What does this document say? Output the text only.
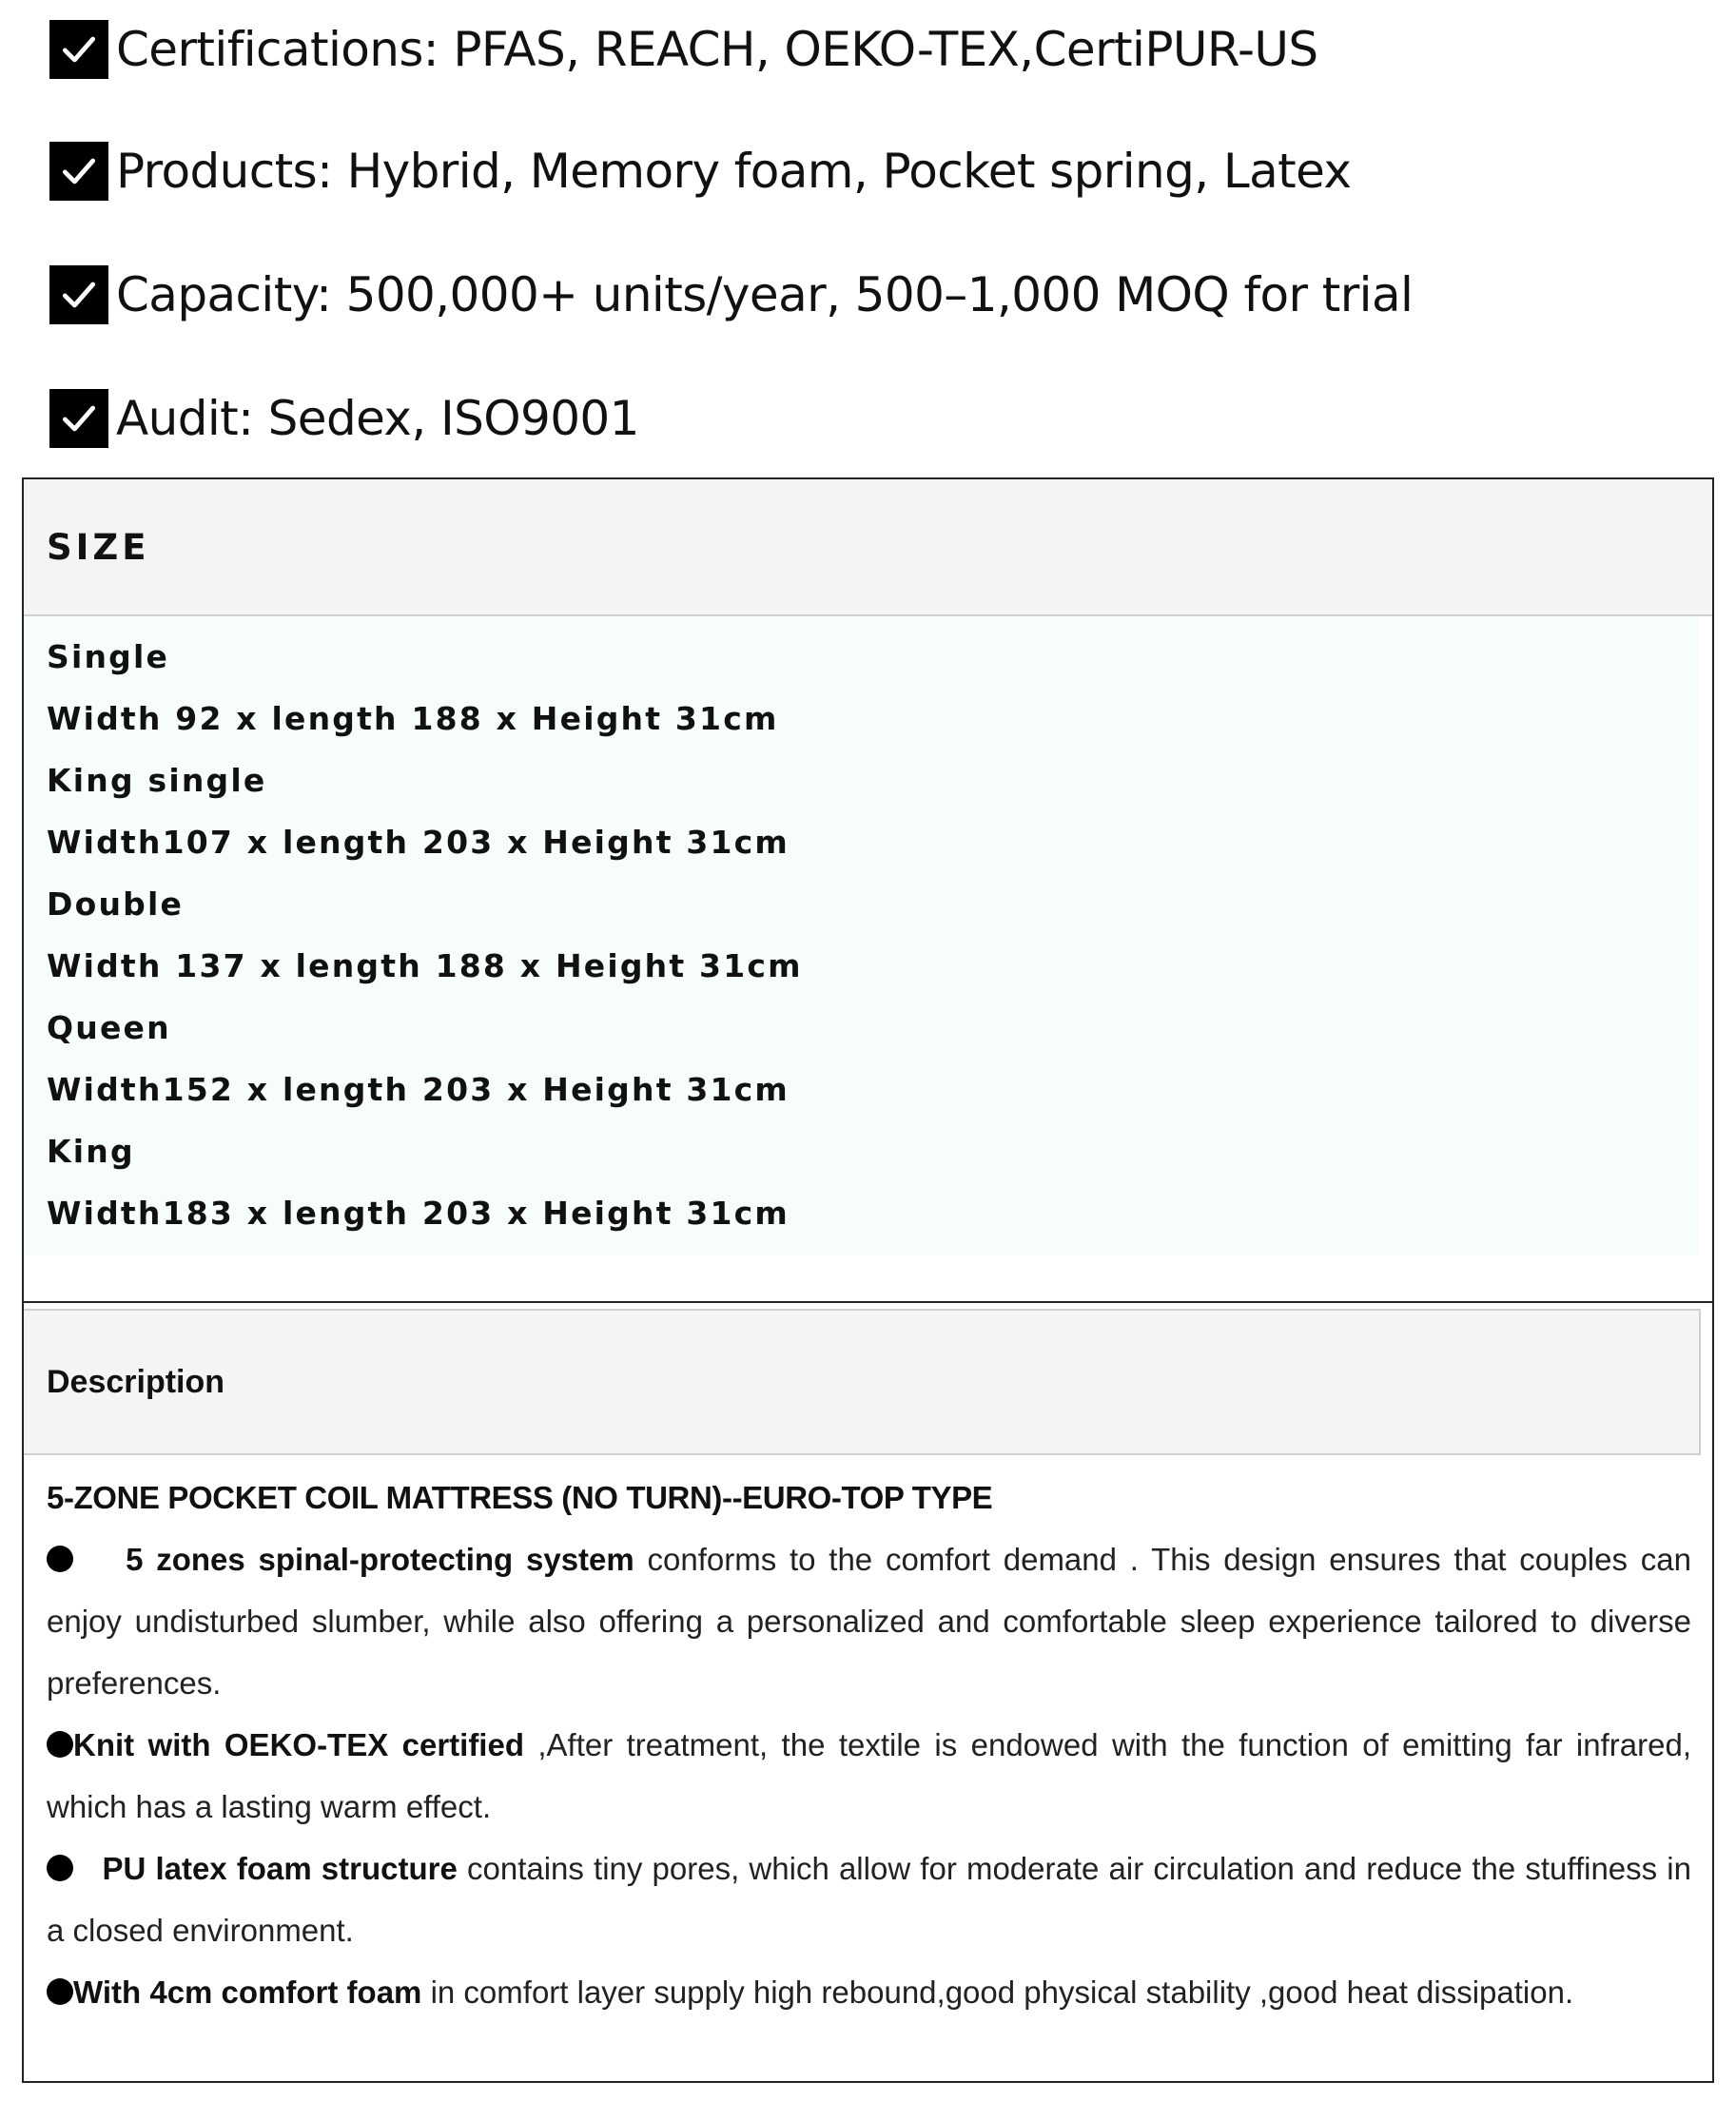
Certifications: PFAS, REACH, OEKO-TEX,CertiPUR-US
Products: Hybrid, Memory foam, Pocket spring, Latex
Capacity: 500,000+ units/year, 500–1,000 MOQ for trial
Audit: Sedex, ISO9001
SIZE
Single
Width 92 x length 188 x Height 31cm
King single
Width107 x length 203 x Height 31cm
Double
Width 137 x length 188 x Height 31cm
Queen
Width152 x length 203 x Height 31cm
King
Width183 x length 203 x Height 31cm
Description
5-ZONE POCKET COIL MATTRESS (NO TURN)--EURO-TOP TYPE

5 zones spinal-protecting system conforms to the comfort demand . This design ensures that couples can enjoy undisturbed slumber, while also offering a personalized and comfortable sleep experience tailored to diverse preferences.

Knit with OEKO-TEX certified ,After treatment, the textile is endowed with the function of emitting far infrared, which has a lasting warm effect.

PU latex foam structure contains tiny pores, which allow for moderate air circulation and reduce the stuffiness in a closed environment.

With 4cm comfort foam in comfort layer supply high rebound,good physical stability ,good heat dissipation.
